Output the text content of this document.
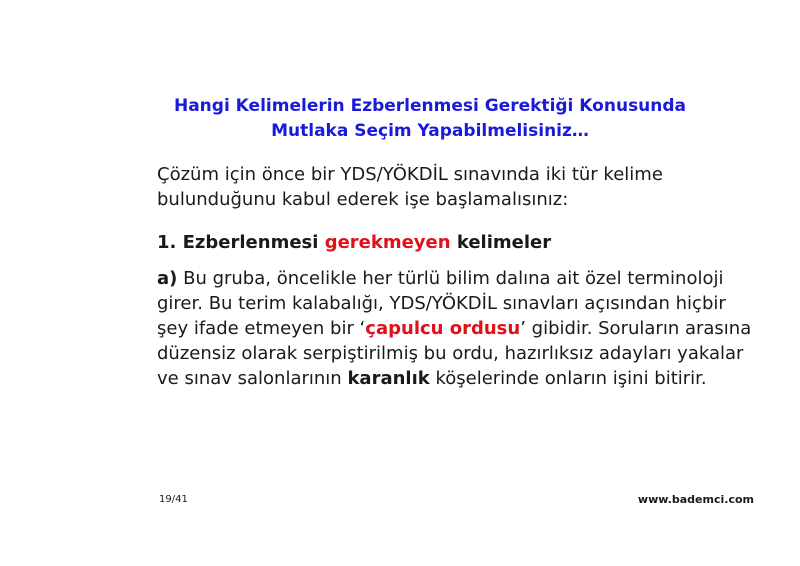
Hangi Kelimelerin Ezberlenmesi Gerektiği Konusunda
Mutlaka Seçim Yapabilmelisiniz…
Çözüm için önce bir YDS/YÖKDİL sınavında iki tür kelime
bulunduğunu kabul ederek işe başlamalısınız:
1. Ezberlenmesi gerekmeyen kelimeler
a) Bu gruba, öncelikle her türlü bilim dalına ait özel terminoloji
girer. Bu terim kalabalığı, YDS/YÖKDİL sınavları açısından hiçbir
şey ifade etmeyen bir ‘çapulcu ordusu’ gibidir. Soruların arasına
düzensiz olarak serpiştirilmiş bu ordu, hazırlıksız adayları yakalar
ve sınav salonlarının karanlık köşelerinde onların işini bitirir.
19/41	www.bademci.com
